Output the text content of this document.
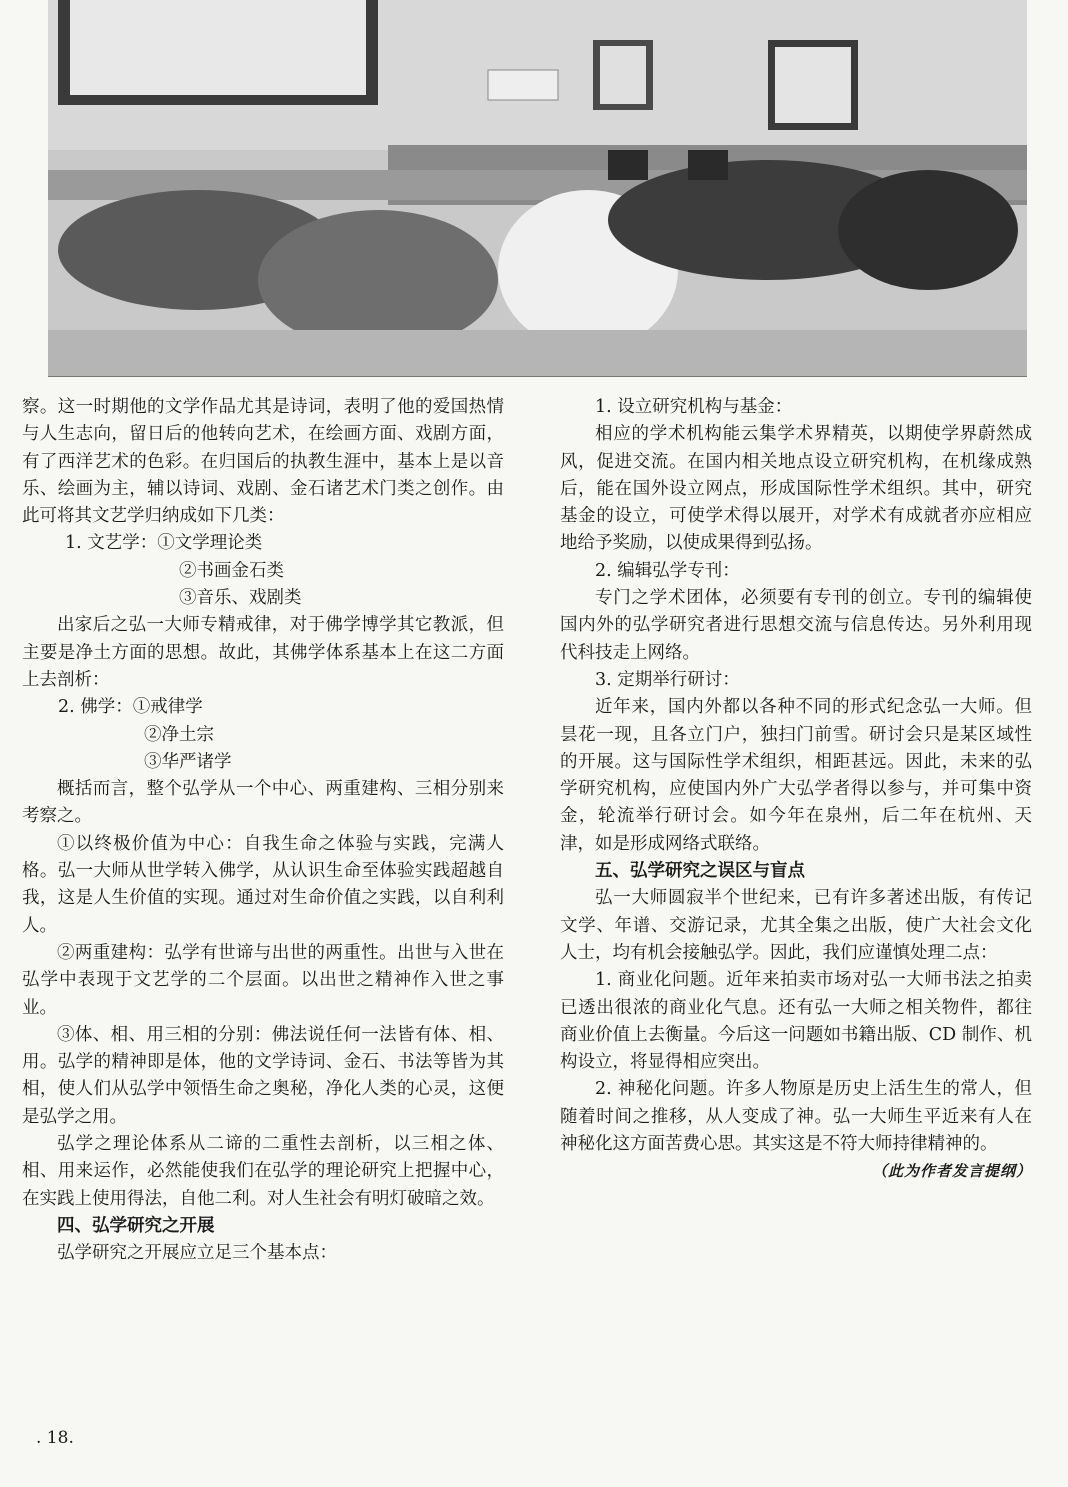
察。这一时期他的文学作品尤其是诗词，表明了他的爱国热情与人生志向，留日后的他转向艺术，在绘画方面、戏剧方面，有了西洋艺术的色彩。在归国后的执教生涯中，基本上是以音乐、绘画为主，辅以诗词、戏剧、金石诸艺术门类之创作。由此可将其文艺学归纳成如下几类：

1. 文艺学：①文学理论类

②书画金石类

③音乐、戏剧类

出家后之弘一大师专精戒律，对于佛学博学其它教派，但主要是净土方面的思想。故此，其佛学体系基本上在这二方面上去剖析：

2. 佛学：①戒律学

②净土宗

③华严诸学

概括而言，整个弘学从一个中心、两重建构、三相分别来考察之。

①以终极价值为中心：自我生命之体验与实践，完满人格。弘一大师从世学转入佛学，从认识生命至体验实践超越自我，这是人生价值的实现。通过对生命价值之实践，以自利利人。

②两重建构：弘学有世谛与出世的两重性。出世与入世在弘学中表现于文艺学的二个层面。以出世之精神作入世之事业。

③体、相、用三相的分别：佛法说任何一法皆有体、相、用。弘学的精神即是体，他的文学诗词、金石、书法等皆为其相，使人们从弘学中领悟生命之奥秘，净化人类的心灵，这便是弘学之用。

弘学之理论体系从二谛的二重性去剖析，以三相之体、相、用来运作，必然能使我们在弘学的理论研究上把握中心，在实践上使用得法，自他二利。对人生社会有明灯破暗之效。

四、弘学研究之开展

弘学研究之开展应立足三个基本点：

1. 设立研究机构与基金：

相应的学术机构能云集学术界精英，以期使学界蔚然成风，促进交流。在国内相关地点设立研究机构，在机缘成熟后，能在国外设立网点，形成国际性学术组织。其中，研究基金的设立，可使学术得以展开，对学术有成就者亦应相应地给予奖励，以使成果得到弘扬。

2. 编辑弘学专刊：

专门之学术团体，必须要有专刊的创立。专刊的编辑使国内外的弘学研究者进行思想交流与信息传达。另外利用现代科技走上网络。

3. 定期举行研讨：

近年来，国内外都以各种不同的形式纪念弘一大师。但昙花一现，且各立门户，独扫门前雪。研讨会只是某区域性的开展。这与国际性学术组织，相距甚远。因此，未来的弘学研究机构，应使国内外广大弘学者得以参与，并可集中资金，轮流举行研讨会。如今年在泉州，后二年在杭州、天津，如是形成网络式联络。

五、弘学研究之误区与盲点

弘一大师圆寂半个世纪来，已有许多著述出版，有传记文学、年谱、交游记录，尤其全集之出版，使广大社会文化人士，均有机会接触弘学。因此，我们应谨慎处理二点：

1. 商业化问题。近年来拍卖市场对弘一大师书法之拍卖已透出很浓的商业化气息。还有弘一大师之相关物件，都往商业价值上去衡量。今后这一问题如书籍出版、CD 制作、机构设立，将显得相应突出。

2. 神秘化问题。许多人物原是历史上活生生的常人，但随着时间之推移，从人变成了神。弘一大师生平近来有人在神秘化这方面苦费心思。其实这是不符大师持律精神的。

（此为作者发言提纲）

. 18.
